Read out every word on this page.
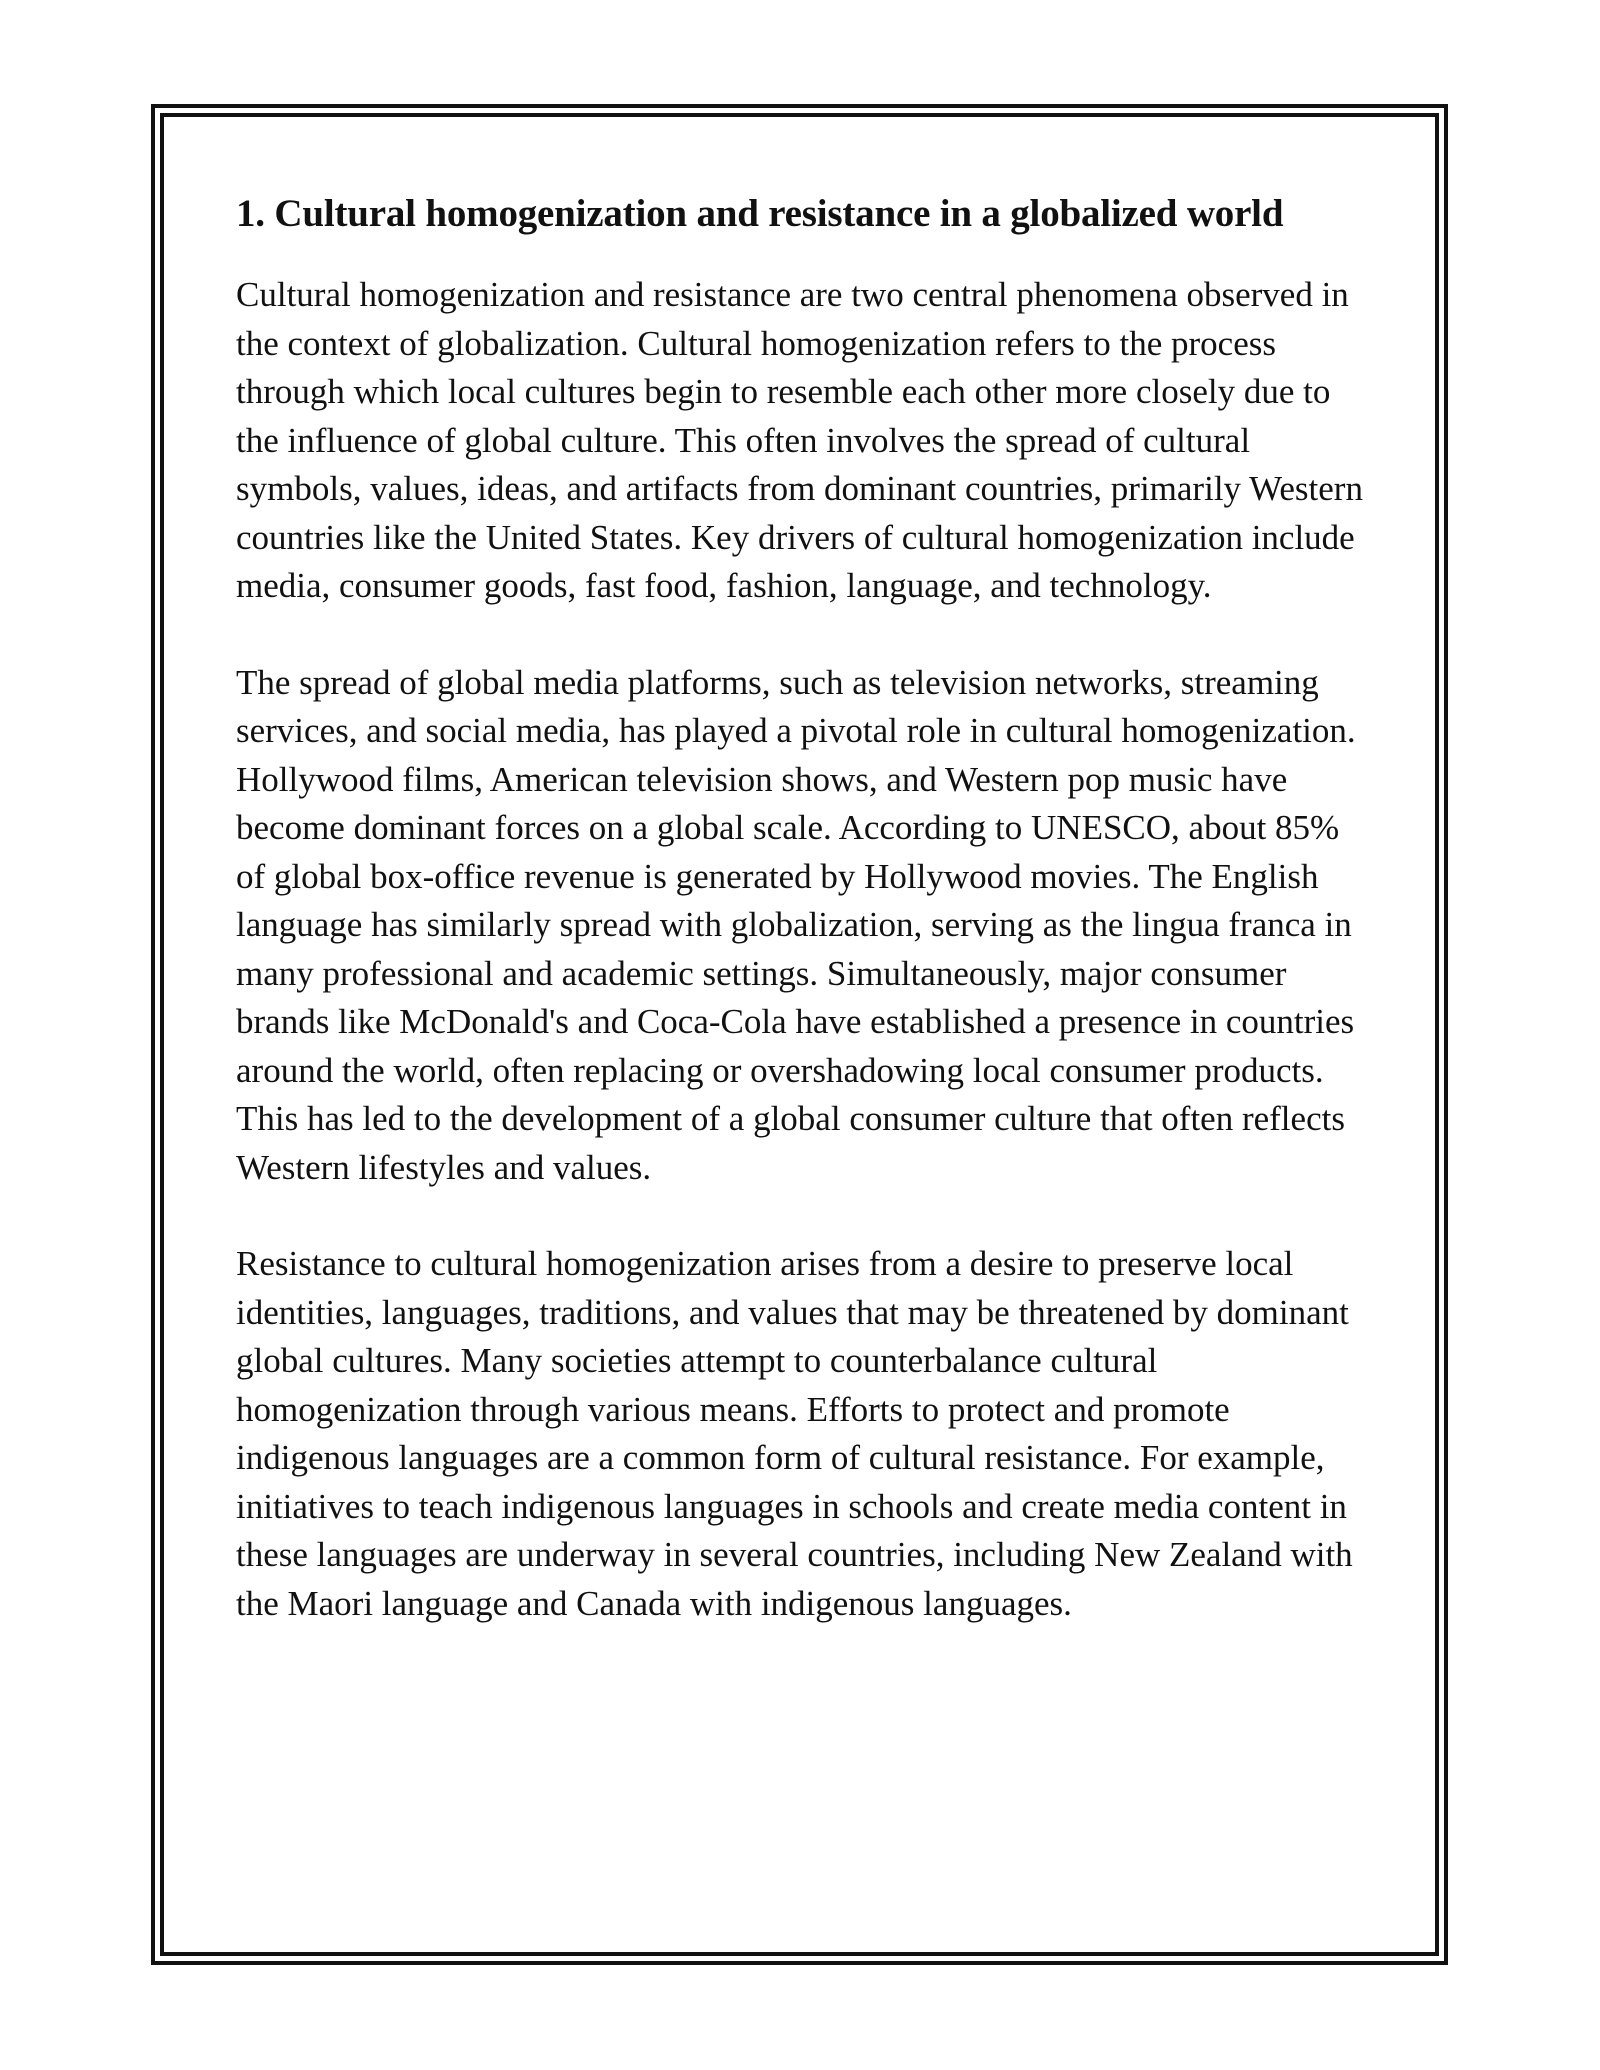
1. Cultural homogenization and resistance in a globalized world

Cultural homogenization and resistance are two central phenomena observed in the context of globalization. Cultural homogenization refers to the process through which local cultures begin to resemble each other more closely due to the influence of global culture. This often involves the spread of cultural symbols, values, ideas, and artifacts from dominant countries, primarily Western countries like the United States. Key drivers of cultural homogenization include media, consumer goods, fast food, fashion, language, and technology.

The spread of global media platforms, such as television networks, streaming services, and social media, has played a pivotal role in cultural homogenization. Hollywood films, American television shows, and Western pop music have become dominant forces on a global scale. According to UNESCO, about 85% of global box-office revenue is generated by Hollywood movies. The English language has similarly spread with globalization, serving as the lingua franca in many professional and academic settings. Simultaneously, major consumer brands like McDonald's and Coca-Cola have established a presence in countries around the world, often replacing or overshadowing local consumer products. This has led to the development of a global consumer culture that often reflects Western lifestyles and values.

Resistance to cultural homogenization arises from a desire to preserve local identities, languages, traditions, and values that may be threatened by dominant global cultures. Many societies attempt to counterbalance cultural homogenization through various means. Efforts to protect and promote indigenous languages are a common form of cultural resistance. For example, initiatives to teach indigenous languages in schools and create media content in these languages are underway in several countries, including New Zealand with the Maori language and Canada with indigenous languages.
